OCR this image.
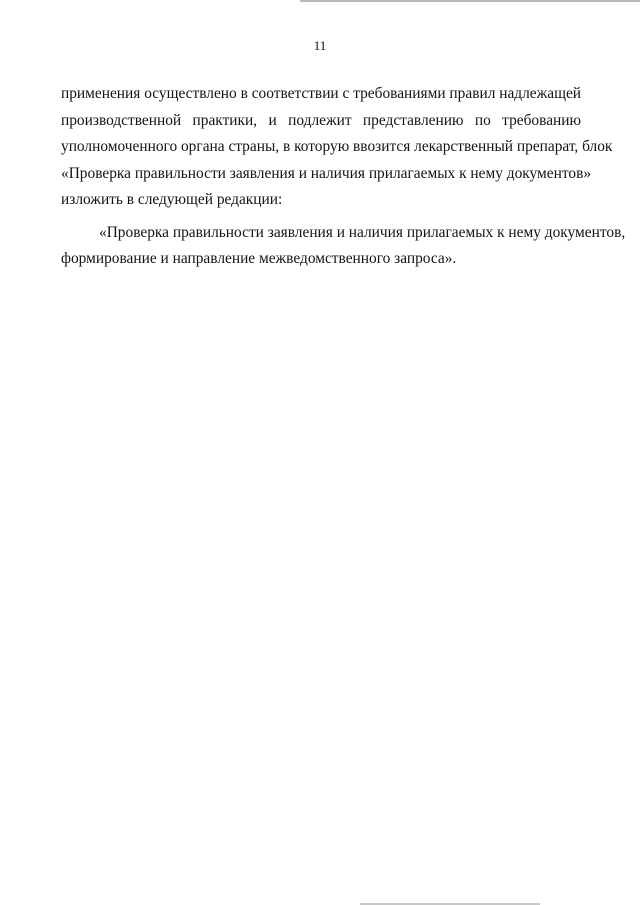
11
применения осуществлено в соответствии с требованиями правил надлежащей
производственной практики, и подлежит представлению по требованию
уполномоченного органа страны, в которую ввозится лекарственный препарат, блок
«Проверка правильности заявления и наличия прилагаемых к нему документов»
изложить в следующей редакции:
«Проверка правильности заявления и наличия прилагаемых к нему документов,
формирование и направление межведомственного запроса».
